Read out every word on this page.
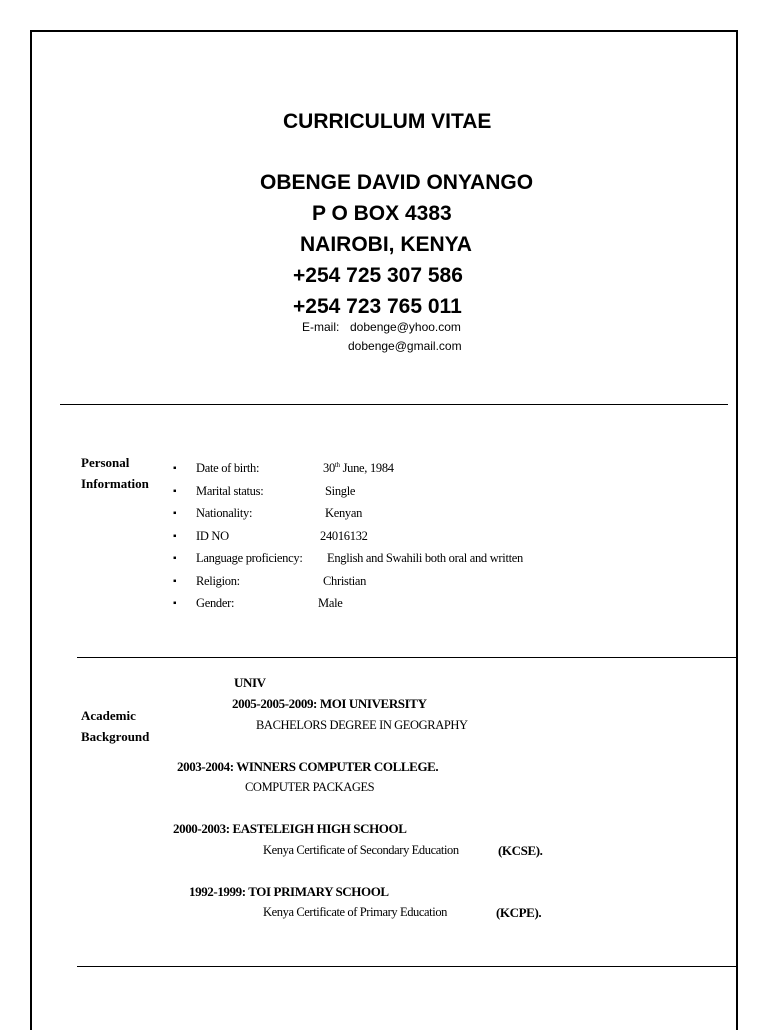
CURRICULUM VITAE
OBENGE DAVID ONYANGO
P O BOX 4383
NAIROBI, KENYA
+254 725 307 586
+254 723 765 011
E-mail: dobenge@yhoo.com
dobenge@gmail.com
Personal
Information
▪ Date of birth:	30th June, 1984
▪ Marital status:	Single
▪ Nationality:	Kenyan
▪ ID NO	24016132
▪ Language proficiency: English and Swahili both oral and written
▪ Religion:	Christian
▪ Gender:	Male
Academic
Background
UNIV
2005-2005-2009: MOI UNIVERSITY
BACHELORS DEGREE IN GEOGRAPHY
2003-2004: WINNERS COMPUTER COLLEGE.
COMPUTER PACKAGES
2000-2003: EASTELEIGH HIGH SCHOOL
Kenya Certificate of Secondary Education	(KCSE).
1992-1999: TOI PRIMARY SCHOOL
Kenya Certificate of Primary Education	(KCPE).
